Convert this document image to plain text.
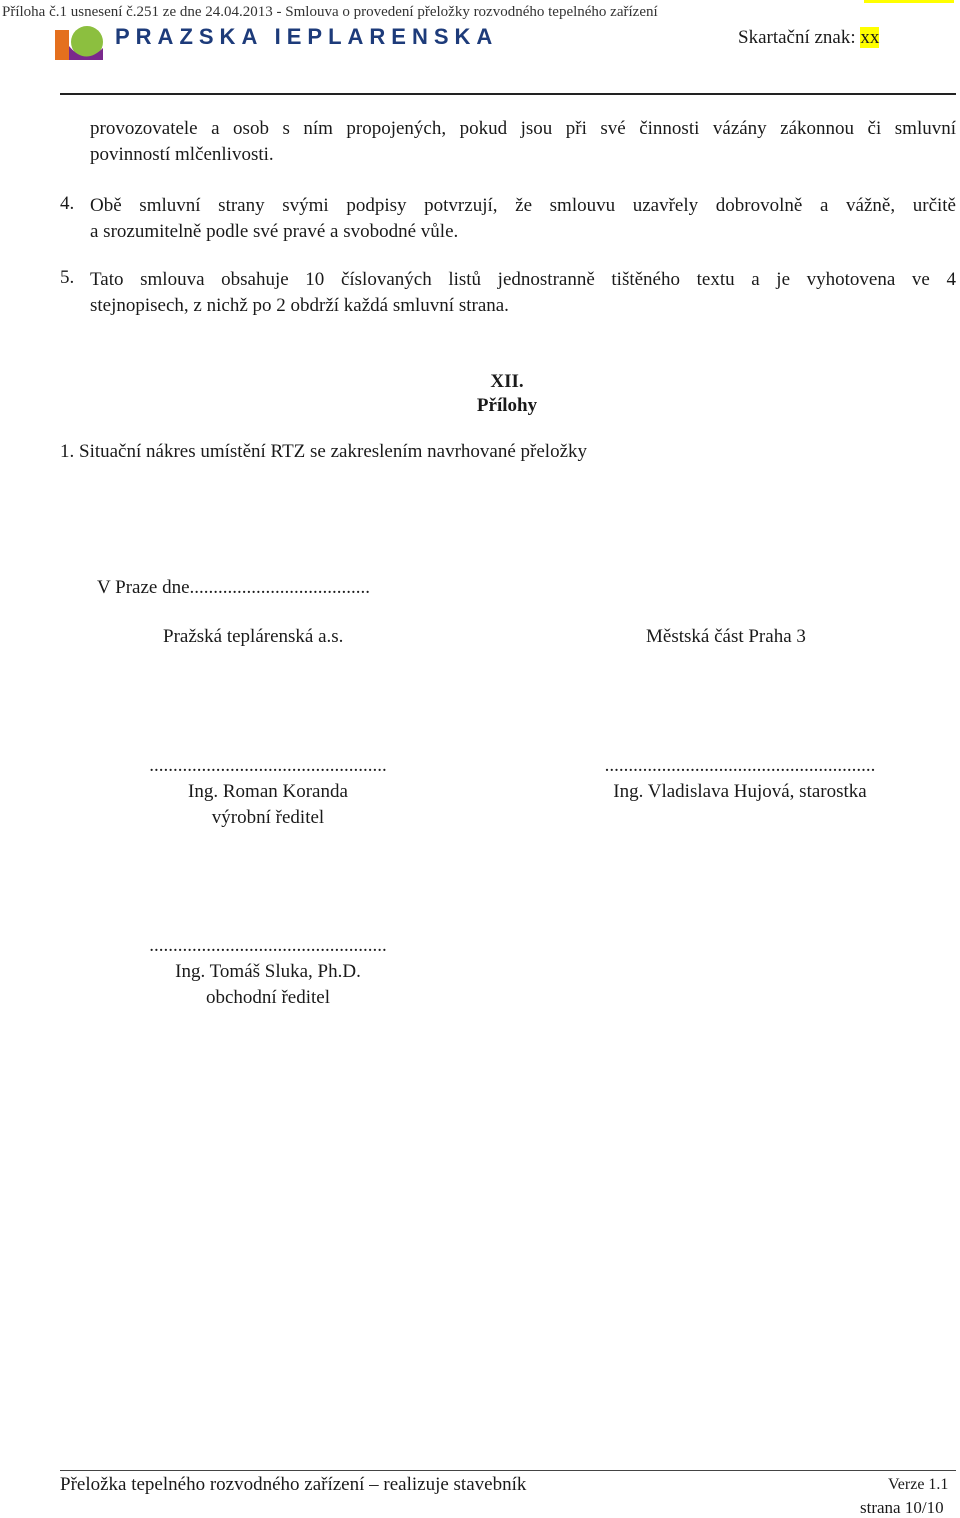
Příloha č.1 usnesení č.251 ze dne 24.04.2013 - Smlouva o provedení přeložky rozvodného tepelného zařízení
PRAZSKA IEPLARENSKA	Skartační znak: xx
provozovatele a osob s ním propojených, pokud jsou při své činnosti vázány zákonnou či smluvní
povinností mlčenlivosti.
4. Obě smluvní strany svými podpisy potvrzují, že smlouvu uzavřely dobrovolně a vážně, určitě
a srozumitelně podle své pravé a svobodné vůle.
5. Tato smlouva obsahuje 10 číslovaných listů jednostranně tištěného textu a je vyhotovena ve 4
stejnopisech, z nichž po 2 obdrží každá smluvní strana.
XII.
Přílohy
1. Situační nákres umístění RTZ se zakreslením navrhované přeložky
V Praze dne......................................
Pražská teplárenská a.s.	Městská část Praha 3
..................................................
Ing. Roman Koranda
výrobní ředitel
.........................................................
Ing. Vladislava Hujová, starostka
..................................................
Ing. Tomáš Sluka, Ph.D.
obchodní ředitel
Přeložka tepelného rozvodného zařízení – realizuje stavebník	Verze 1.1
strana 10/10
